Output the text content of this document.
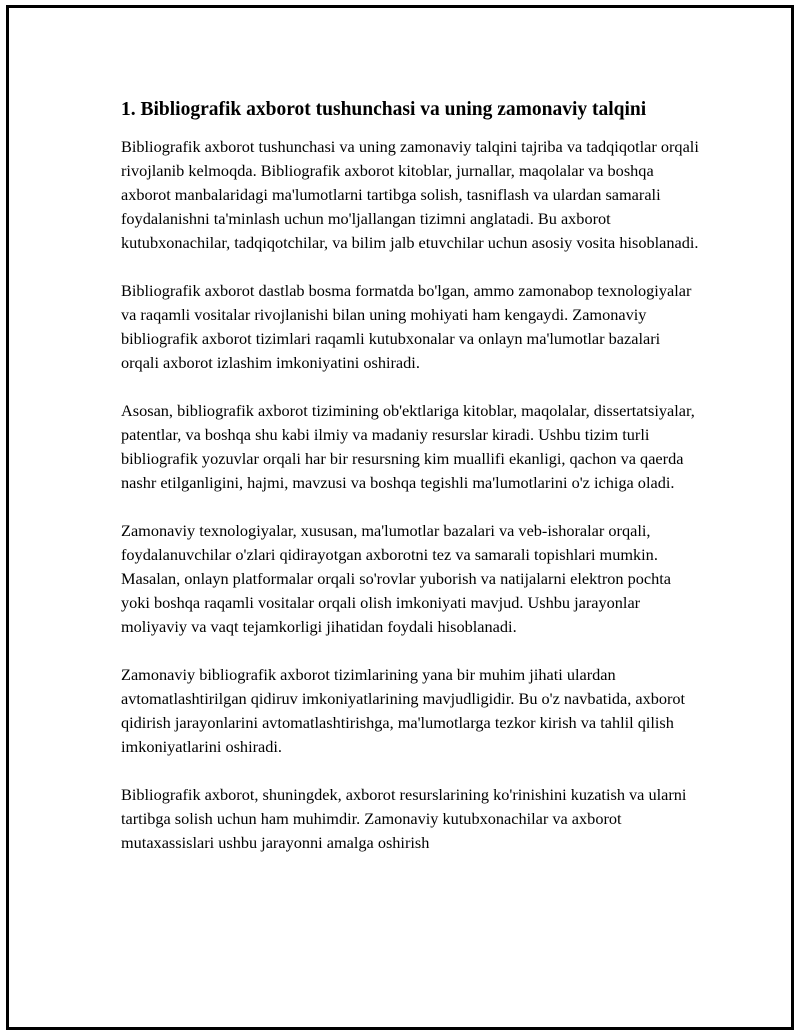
1. Bibliografik axborot tushunchasi va uning zamonaviy talqini

Bibliografik axborot tushunchasi va uning zamonaviy talqini tajriba va tadqiqotlar orqali rivojlanib kelmoqda. Bibliografik axborot kitoblar, jurnallar, maqolalar va boshqa axborot manbalaridagi ma'lumotlarni tartibga solish, tasniflash va ulardan samarali foydalanishni ta'minlash uchun mo'ljallangan tizimni anglatadi. Bu axborot kutubxonachilar, tadqiqotchilar, va bilim jalb etuvchilar uchun asosiy vosita hisoblanadi.

Bibliografik axborot dastlab bosma formatda bo'lgan, ammo zamonabop texnologiyalar va raqamli vositalar rivojlanishi bilan uning mohiyati ham kengaydi. Zamonaviy bibliografik axborot tizimlari raqamli kutubxonalar va onlayn ma'lumotlar bazalari orqali axborot izlashim imkoniyatini oshiradi.

Asosan, bibliografik axborot tizimining ob'ektlariga kitoblar, maqolalar, dissertatsiyalar, patentlar, va boshqa shu kabi ilmiy va madaniy resurslar kiradi. Ushbu tizim turli bibliografik yozuvlar orqali har bir resursning kim muallifi ekanligi, qachon va qaerda nashr etilganligini, hajmi, mavzusi va boshqa tegishli ma'lumotlarini o'z ichiga oladi.

Zamonaviy texnologiyalar, xususan, ma'lumotlar bazalari va veb-ishoralar orqali, foydalanuvchilar o'zlari qidirayotgan axborotni tez va samarali topishlari mumkin. Masalan, onlayn platformalar orqali so'rovlar yuborish va natijalarni elektron pochta yoki boshqa raqamli vositalar orqali olish imkoniyati mavjud. Ushbu jarayonlar moliyaviy va vaqt tejamkorligi jihatidan foydali hisoblanadi.

Zamonaviy bibliografik axborot tizimlarining yana bir muhim jihati ulardan avtomatlashtirilgan qidiruv imkoniyatlarining mavjudligidir. Bu o'z navbatida, axborot qidirish jarayonlarini avtomatlashtirishga, ma'lumotlarga tezkor kirish va tahlil qilish imkoniyatlarini oshiradi.

Bibliografik axborot, shuningdek, axborot resurslarining ko'rinishini kuzatish va ularni tartibga solish uchun ham muhimdir. Zamonaviy kutubxonachilar va axborot mutaxassislari ushbu jarayonni amalga oshirish
